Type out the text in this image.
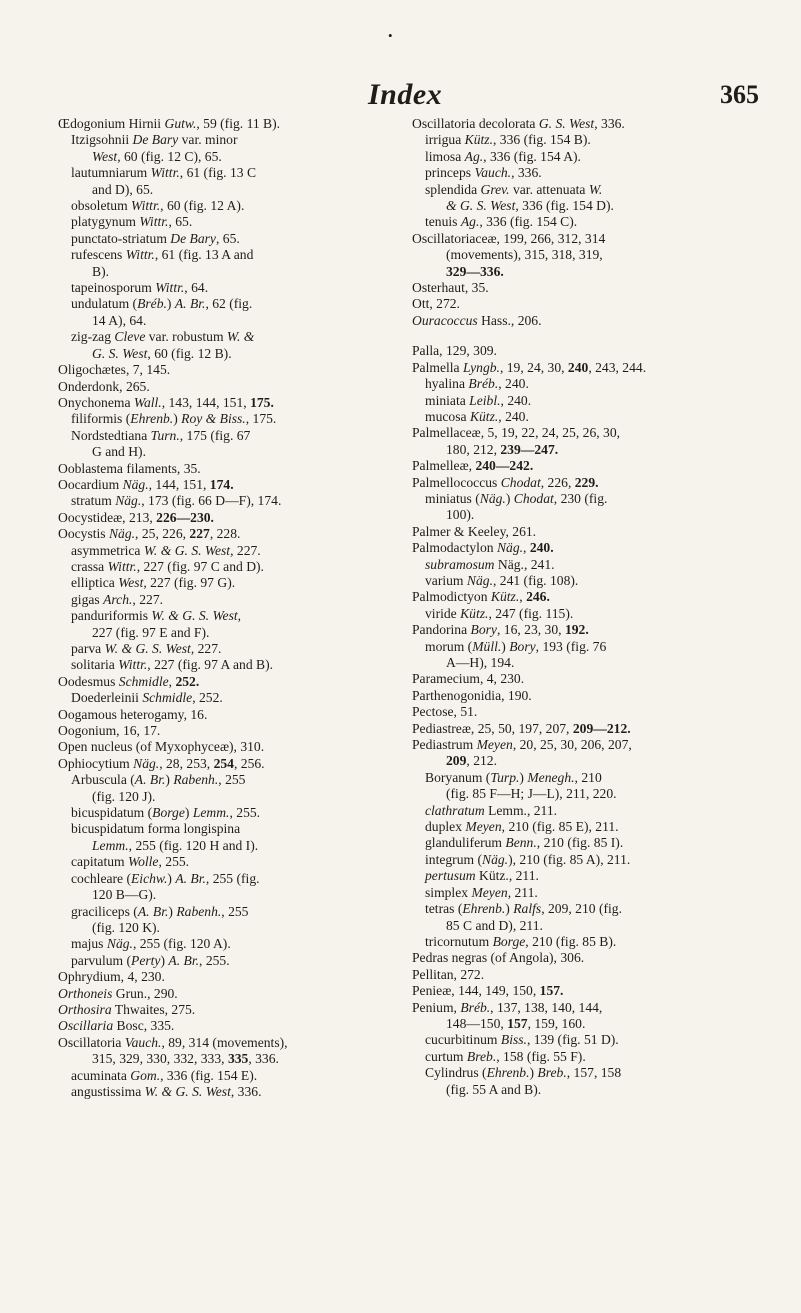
•
Index	365
Œdogonium Hirnii Gutw., 59 (fig. 11 B).
Itzigsohnii De Bary var. minor
West, 60 (fig. 12 C), 65.
lautumniarum Wittr., 61 (fig. 13 C
and D), 65.
obsoletum Wittr., 60 (fig. 12 A).
platygynum Wittr., 65.
punctato-striatum De Bary, 65.
rufescens Wittr., 61 (fig. 13 A and
B).
tapeinosporum Wittr., 64.
undulatum (Bréb.) A. Br., 62 (fig.
14 A), 64.
zig-zag Cleve var. robustum W. &
G. S. West, 60 (fig. 12 B).
Oligochætes, 7, 145.
Onderdonk, 265.
Onychonema Wall., 143, 144, 151, 175.
filiformis (Ehrenb.) Roy & Biss., 175.
Nordstedtiana Turn., 175 (fig. 67
G and H).
Ooblastema filaments, 35.
Oocardium Näg., 144, 151, 174.
stratum Näg., 173 (fig. 66 D—F), 174.
Oocystideæ, 213, 226—230.
Oocystis Näg., 25, 226, 227, 228.
asymmetrica W. & G. S. West, 227.
crassa Wittr., 227 (fig. 97 C and D).
elliptica West, 227 (fig. 97 G).
gigas Arch., 227.
panduriformis W. & G. S. West,
227 (fig. 97 E and F).
parva W. & G. S. West, 227.
solitaria Wittr., 227 (fig. 97 A and B).
Oodesmus Schmidle, 252.
Doederleinii Schmidle, 252.
Oogamous heterogamy, 16.
Oogonium, 16, 17.
Open nucleus (of Myxophyceæ), 310.
Ophiocytium Näg., 28, 253, 254, 256.
Arbuscula (A. Br.) Rabenh., 255
(fig. 120 J).
bicuspidatum (Borge) Lemm., 255.
bicuspidatum forma longispina
Lemm., 255 (fig. 120 H and I).
capitatum Wolle, 255.
cochleare (Eichw.) A. Br., 255 (fig.
120 B—G).
graciliceps (A. Br.) Rabenh., 255
(fig. 120 K).
majus Näg., 255 (fig. 120 A).
parvulum (Perty) A. Br., 255.
Ophrydium, 4, 230.
Orthoneis Grun., 290.
Orthosira Thwaites, 275.
Oscillaria Bosc, 335.
Oscillatoria Vauch., 89, 314 (movements),
315, 329, 330, 332, 333, 335, 336.
acuminata Gom., 336 (fig. 154 E).
angustissima W. & G. S. West, 336.
Oscillatoria decolorata G. S. West, 336.
irrigua Kütz., 336 (fig. 154 B).
limosa Ag., 336 (fig. 154 A).
princeps Vauch., 336.
splendida Grev. var. attenuata W.
& G. S. West, 336 (fig. 154 D).
tenuis Ag., 336 (fig. 154 C).
Oscillatoriaceæ, 199, 266, 312, 314
(movements), 315, 318, 319,
329—336.
Osterhaut, 35.
Ott, 272.
Ouracoccus Hass., 206.
Palla, 129, 309.
Palmella Lyngb., 19, 24, 30, 240, 243, 244.
hyalina Bréb., 240.
miniata Leibl., 240.
mucosa Kütz., 240.
Palmellaceæ, 5, 19, 22, 24, 25, 26, 30,
180, 212, 239—247.
Palmelleæ, 240—242.
Palmellococcus Chodat, 226, 229.
miniatus (Näg.) Chodat, 230 (fig.
100).
Palmer & Keeley, 261.
Palmodactylon Näg., 240.
subramosum Näg., 241.
varium Näg., 241 (fig. 108).
Palmodictyon Kütz., 246.
viride Kütz., 247 (fig. 115).
Pandorina Bory, 16, 23, 30, 192.
morum (Müll.) Bory, 193 (fig. 76
A—H), 194.
Paramecium, 4, 230.
Parthenogonidia, 190.
Pectose, 51.
Pediastreæ, 25, 50, 197, 207, 209—212.
Pediastrum Meyen, 20, 25, 30, 206, 207,
209, 212.
Boryanum (Turp.) Menegh., 210
(fig. 85 F—H; J—L), 211, 220.
clathratum Lemm., 211.
duplex Meyen, 210 (fig. 85 E), 211.
glanduliferum Benn., 210 (fig. 85 I).
integrum (Näg.), 210 (fig. 85 A), 211.
pertusum Kütz., 211.
simplex Meyen, 211.
tetras (Ehrenb.) Ralfs, 209, 210 (fig.
85 C and D), 211.
tricornutum Borge, 210 (fig. 85 B).
Pedras negras (of Angola), 306.
Pellitan, 272.
Penieæ, 144, 149, 150, 157.
Penium, Bréb., 137, 138, 140, 144,
148—150, 157, 159, 160.
cucurbitinum Biss., 139 (fig. 51 D).
curtum Breb., 158 (fig. 55 F).
Cylindrus (Ehrenb.) Breb., 157, 158
(fig. 55 A and B).
